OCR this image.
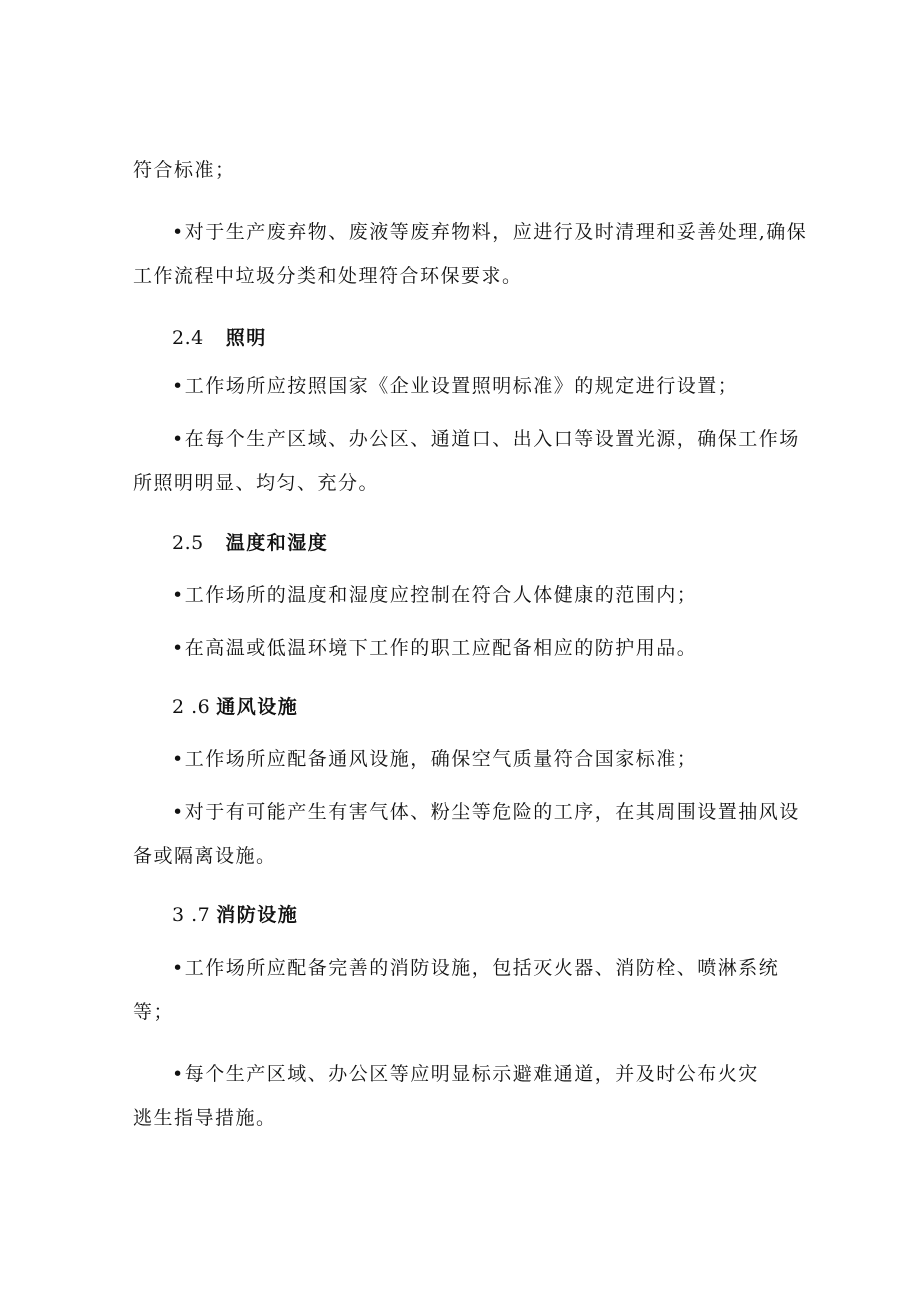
符合标准；
•对于生产废弃物、废液等废弃物料，应进行及时清理和妥善处理,确保
工作流程中垃圾分类和处理符合环保要求。
2.4 照明
•工作场所应按照国家《企业设置照明标准》的规定进行设置；
•在每个生产区域、办公区、通道口、出入口等设置光源，确保工作场
所照明明显、均匀、充分。
2.5 温度和湿度
•工作场所的温度和湿度应控制在符合人体健康的范围内；
•在高温或低温环境下工作的职工应配备相应的防护用品。
2 .6 通风设施
•工作场所应配备通风设施，确保空气质量符合国家标准；
•对于有可能产生有害气体、粉尘等危险的工序，在其周围设置抽风设
备或隔离设施。
3 .7 消防设施
•工作场所应配备完善的消防设施，包括灭火器、消防栓、喷淋系统
等；
•每个生产区域、办公区等应明显标示避难通道，并及时公布火灾
逃生指导措施。
